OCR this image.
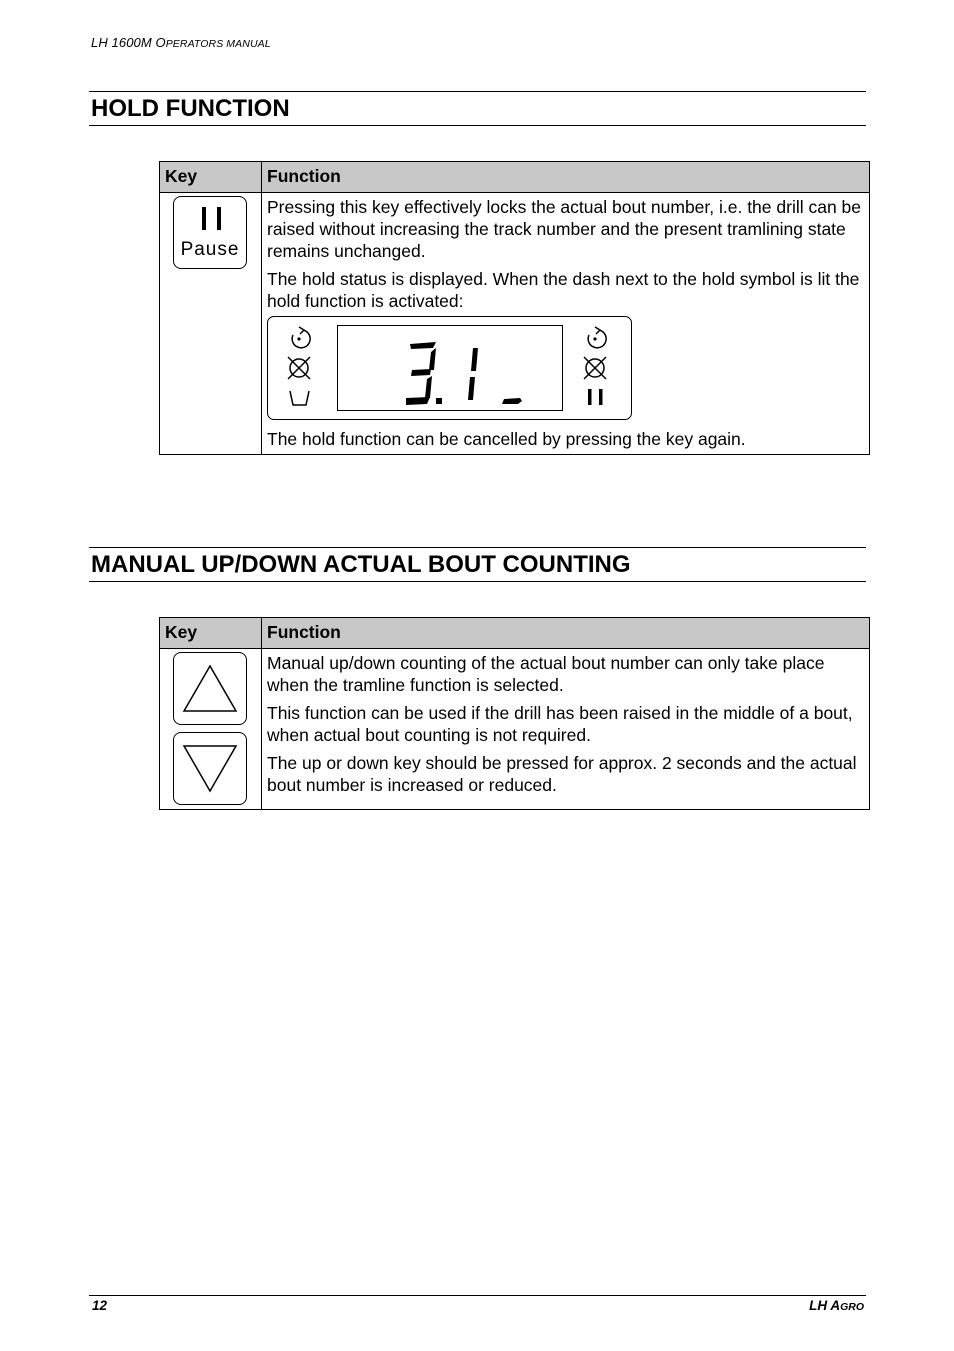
LH 1600M OPERATORS MANUAL
HOLD FUNCTION
Key	Function

Pause	Pressing this key effectively locks the actual bout number, i.e. the drill can be raised without increasing the track number and the present tramlining state remains unchanged.
The hold status is displayed. When the dash next to the hold symbol is lit the hold function is activated:
The hold function can be cancelled by pressing the key again.
MANUAL UP/DOWN ACTUAL BOUT COUNTING
Key	Function

Manual up/down counting of the actual bout number can only take place when the tramline function is selected.
This function can be used if the drill has been raised in the middle of a bout, when actual bout counting is not required.
The up or down key should be pressed for approx. 2 seconds and the actual bout number is increased or reduced.
12	LH AGRO
